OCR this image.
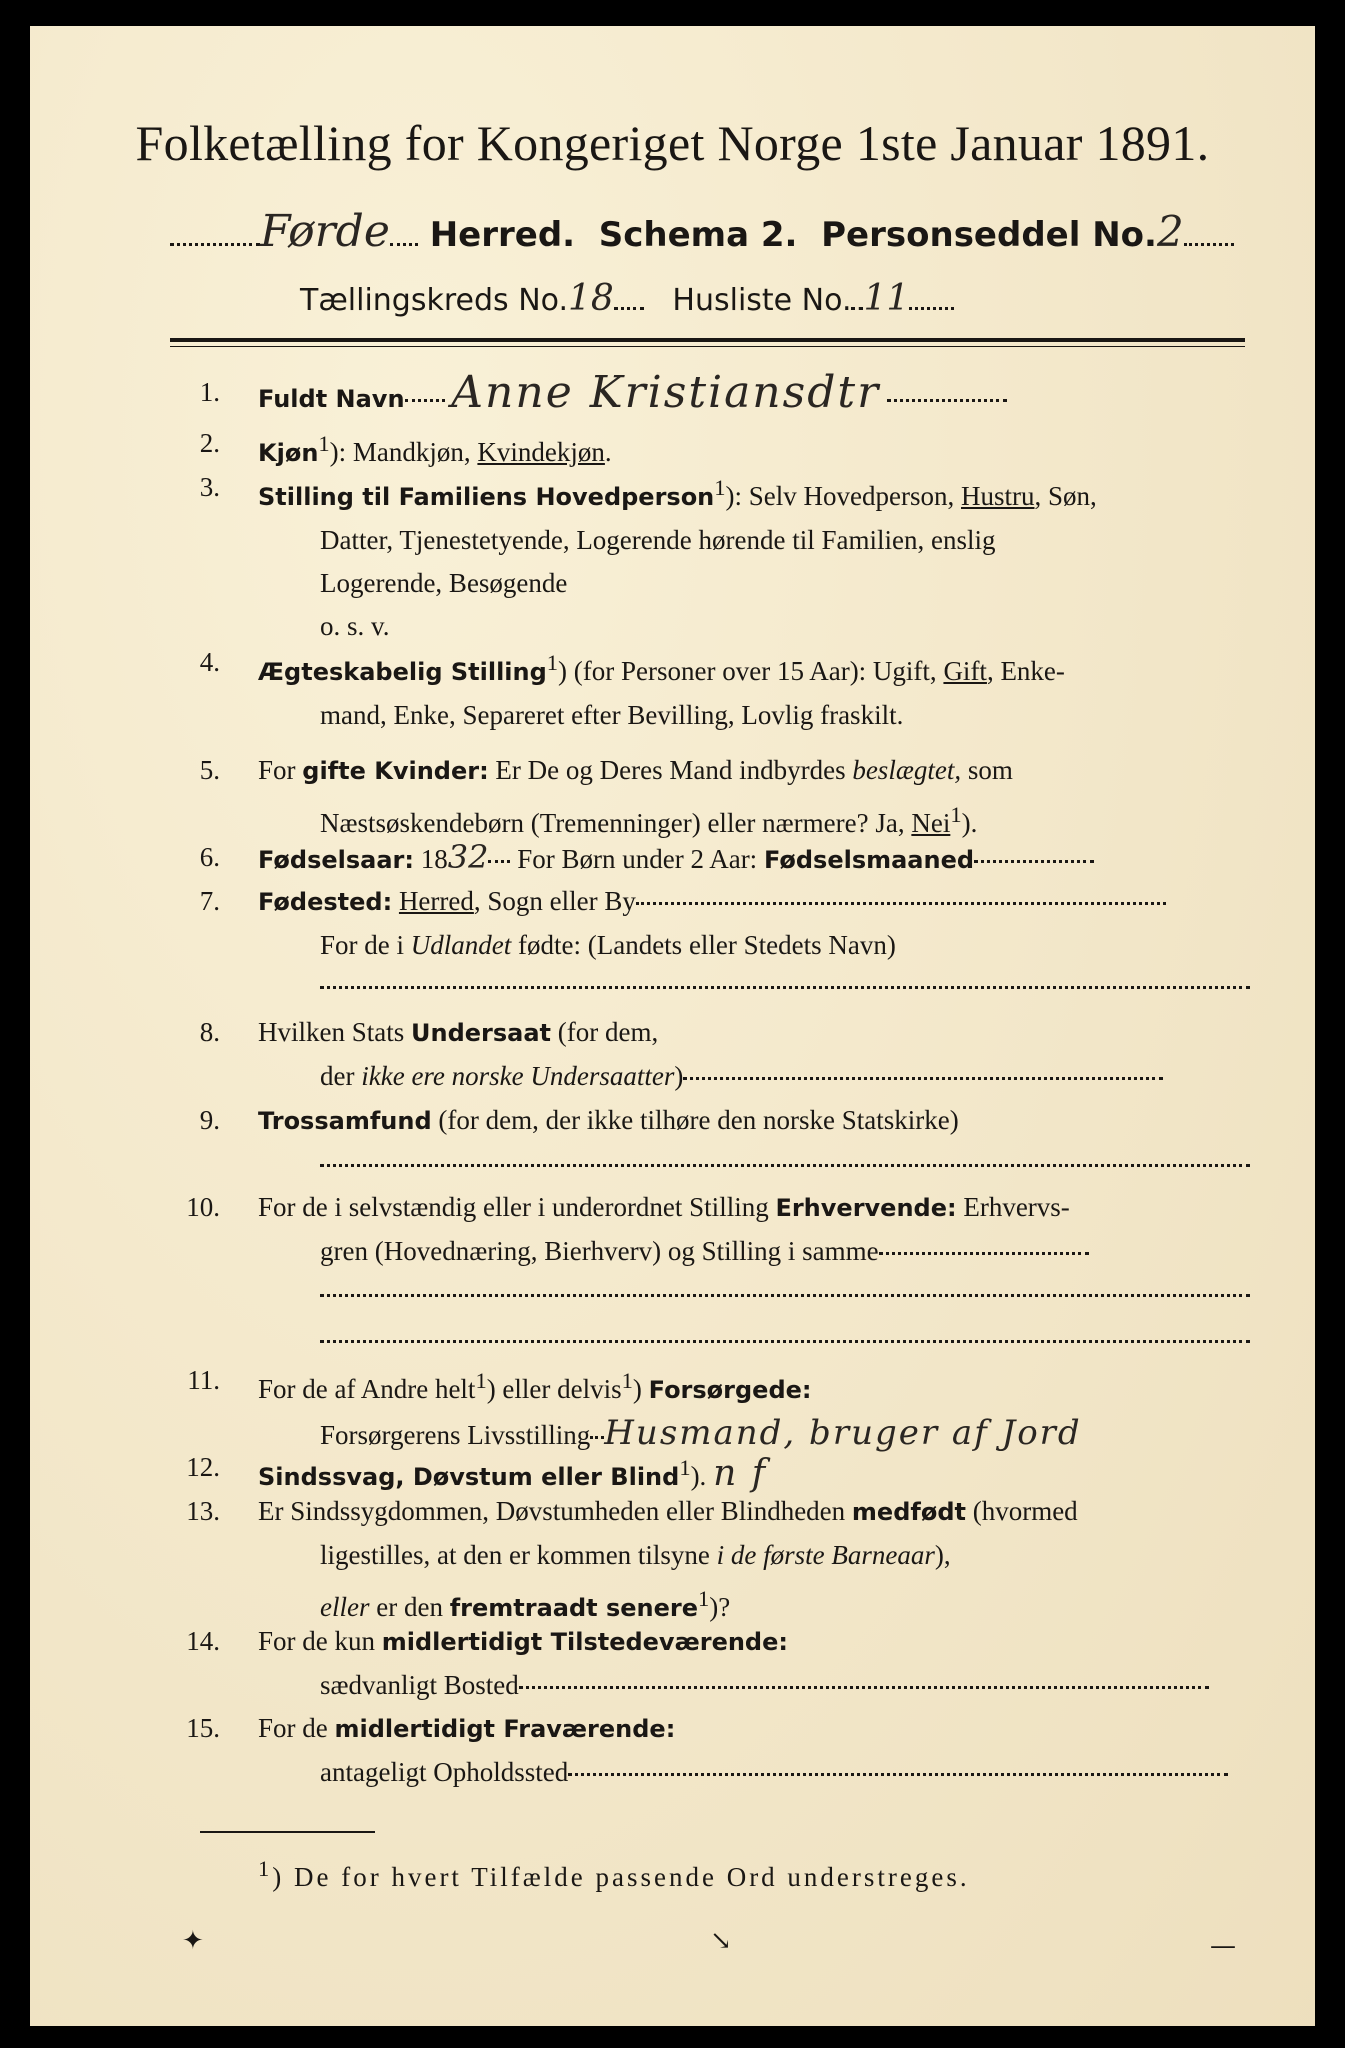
Folketælling for Kongeriget Norge 1ste Januar 1891.
Førde Herred. Schema 2. Personseddel No.2
Tællingskreds No.18 Husliste No. 11
1. Fuldt Navn Anne Kristiansdtr
2. Kjøn$^1$): Mandkjøn, Kvindekjøn.
3. Stilling til Familiens Hovedperson$^1$): Selv Hovedperson, Hustru, Søn,
Datter, Tjenestetyende, Logerende hørende til Familien, enslig
Logerende, Besøgende
o. s. v.
4. Ægteskabelig Stilling$^1$) (for Personer over 15 Aar): Ugift, Gift, Enke-
mand, Enke, Separeret efter Bevilling, Lovlig fraskilt.
5. For gifte Kvinder: Er De og Deres Mand indbyrdes beslægtet, som
Næstsøskendebørn (Tremenninger) eller nærmere? Ja, Nei$^1$).
6. Fødselsaar: 1832 For Børn under 2 Aar: Fødselsmaaned
7. Fødested: Herred, Sogn eller By
For de i Udlandet fødte: (Landets eller Stedets Navn)
8. Hvilken Stats Undersaat (for dem,
der ikke ere norske Undersaatter)
9. Trossamfund (for dem, der ikke tilhøre den norske Statskirke)
10. For de i selvstændig eller i underordnet Stilling Erhvervende: Erhvervs-
gren (Hovednæring, Bierhverv) og Stilling i samme
11. For de af Andre helt$^1$) eller delvis$^1$) Forsørgede:
Forsørgerens Livsstilling Husmand, bruger af Jord
12. Sindssvag, Døvstum eller Blind$^1$). n f
13. Er Sindssygdommen, Døvstumheden eller Blindheden medfødt (hvormed
ligestilles, at den er kommen tilsyne i de første Barneaar),
eller er den fremtraadt senere$^1$)?
14. For de kun midlertidigt Tilstedeværende:
sædvanligt Bosted
15. For de midlertidigt Fraværende:
antageligt Opholdssted
$^1$) De for hvert Tilfælde passende Ord understreges.
✦	↘	—
